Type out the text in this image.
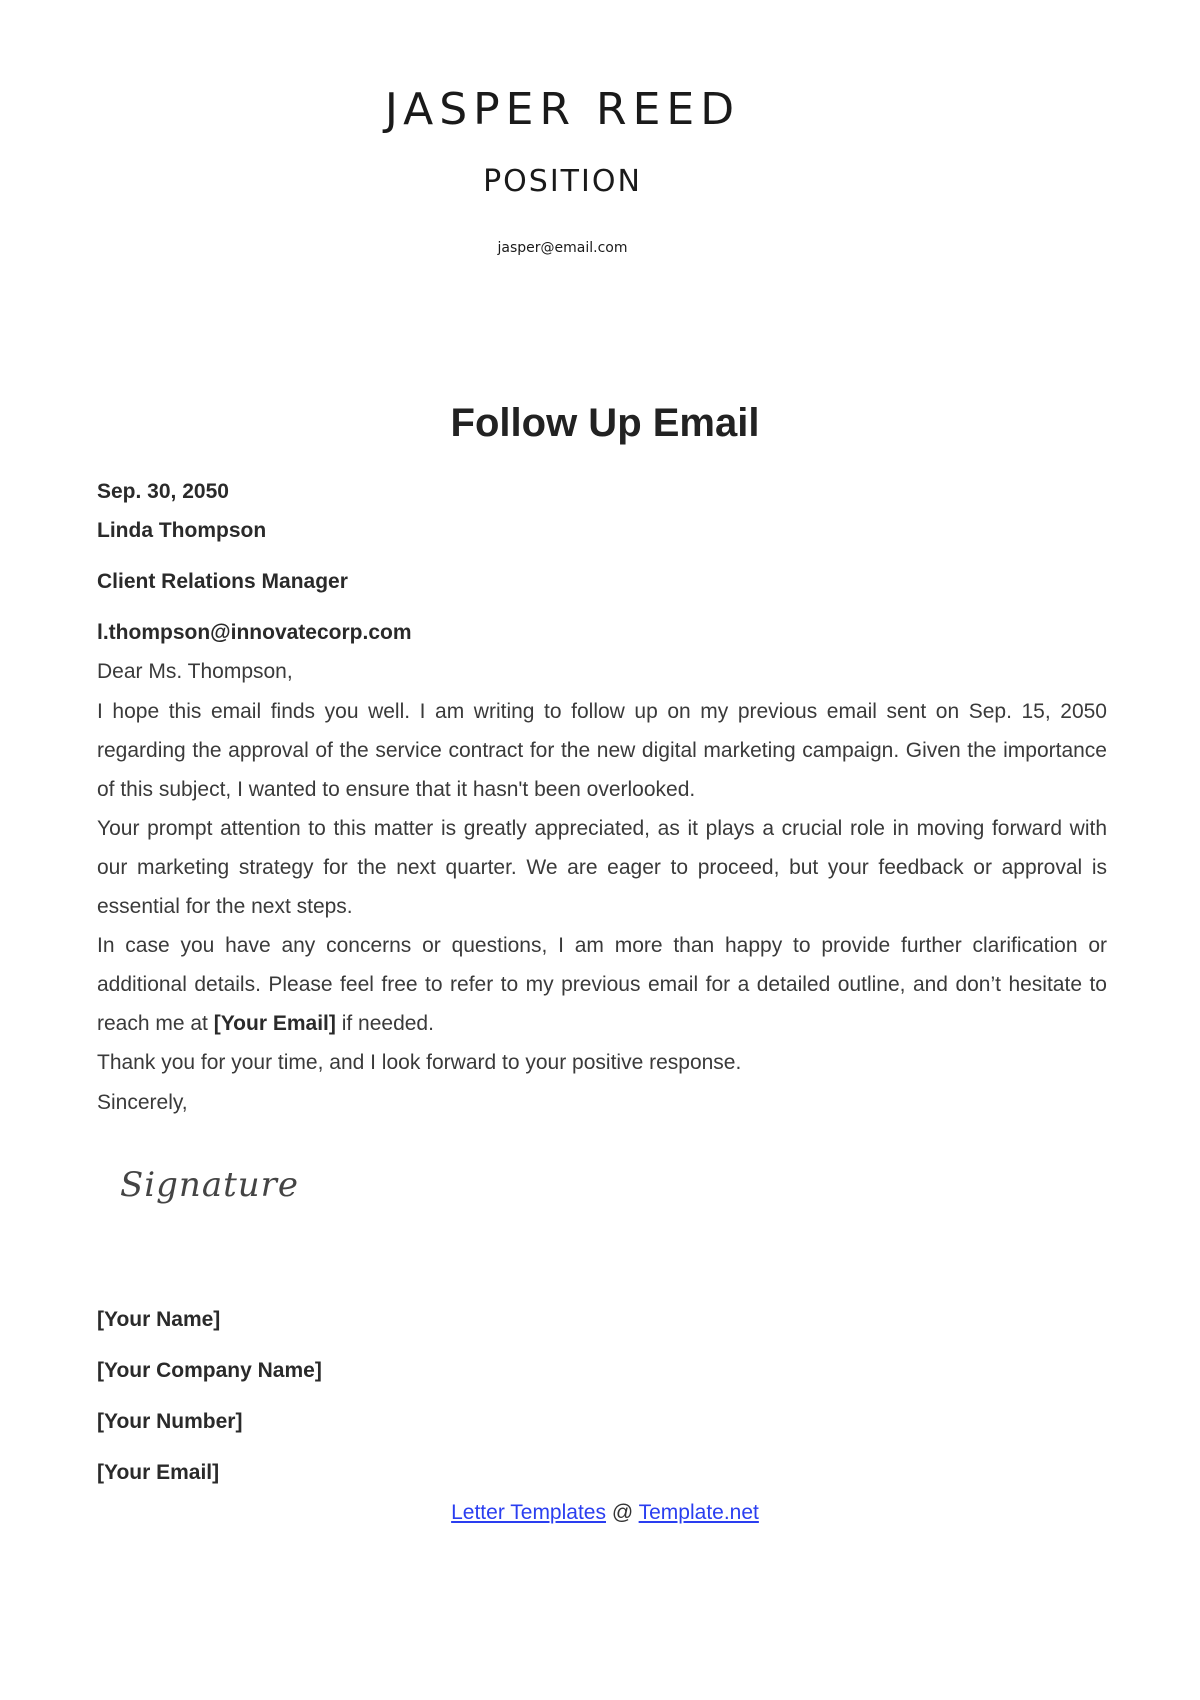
JASPER REED
POSITION
jasper@email.com
Follow Up Email

Sep. 30, 2050

Linda Thompson

Client Relations Manager

l.thompson@innovatecorp.com

Dear Ms. Thompson,

I hope this email finds you well. I am writing to follow up on my previous email sent on Sep. 15, 2050 regarding the approval of the service contract for the new digital marketing campaign. Given the importance of this subject, I wanted to ensure that it hasn't been overlooked.

Your prompt attention to this matter is greatly appreciated, as it plays a crucial role in moving forward with our marketing strategy for the next quarter. We are eager to proceed, but your feedback or approval is essential for the next steps.

In case you have any concerns or questions, I am more than happy to provide further clarification or additional details. Please feel free to refer to my previous email for a detailed outline, and don’t hesitate to reach me at [Your Email] if needed.

Thank you for your time, and I look forward to your positive response.

Sincerely,

Signature
[Your Name]
[Your Company Name]
[Your Number]
[Your Email]
Letter Templates @ Template.net
